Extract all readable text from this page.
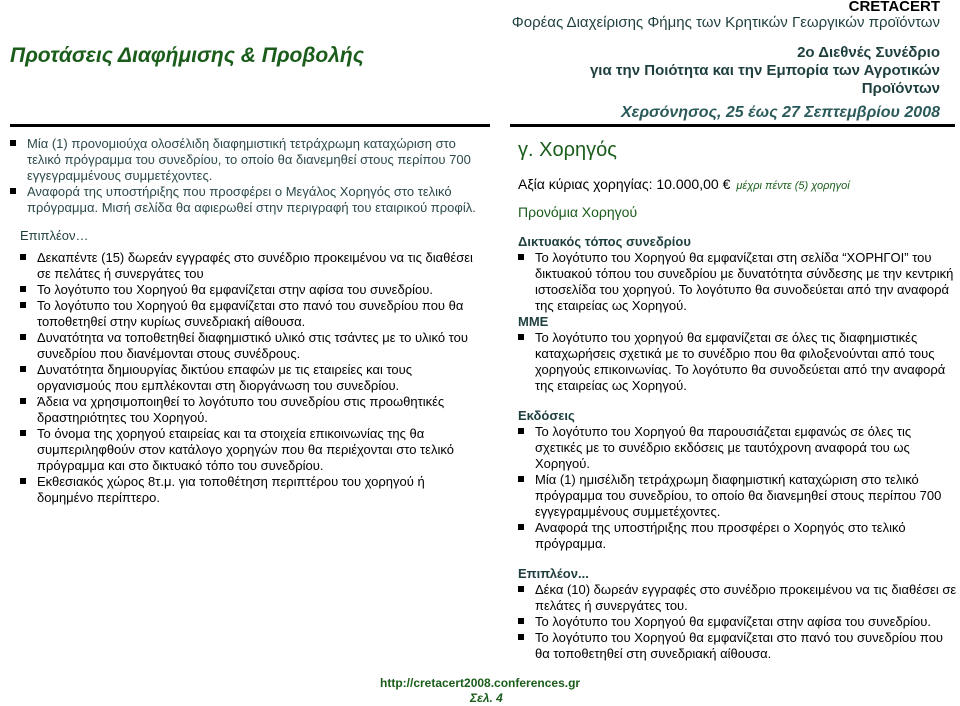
CRETACERT
Φορέας Διαχείρισης Φήμης των Κρητικών Γεωργικών προϊόντων
Προτάσεις Διαφήμισης & Προβολής	2ο Διεθνές Συνέδριο
για την Ποιότητα και την Εμπορία των Αγροτικών Προϊόντων
Χερσόνησος, 25 έως 27 Σεπτεμβρίου 2008
Μία (1) προνομιούχα ολοσέλιδη διαφημιστική τετράχρωμη καταχώριση στο τελικό πρόγραμμα του συνεδρίου, το οποίο θα διανεμηθεί στους περίπου 700 εγγεγραμμένους συμμετέχοντες.
Αναφορά της υποστήριξης που προσφέρει ο Μεγάλος Χορηγός στο τελικό πρόγραμμα. Μισή σελίδα θα αφιερωθεί στην περιγραφή του εταιρικού προφίλ.
Επιπλέον…
Δεκαπέντε (15) δωρεάν εγγραφές στο συνέδριο προκειμένου να τις διαθέσει σε πελάτες ή συνεργάτες του
Το λογότυπο του Χορηγού θα εμφανίζεται στην αφίσα του συνεδρίου.
Το λογότυπο του Χορηγού θα εμφανίζεται στο πανό του συνεδρίου που θα τοποθετηθεί στην κυρίως συνεδριακή αίθουσα.
Δυνατότητα να τοποθετηθεί διαφημιστικό υλικό στις τσάντες με το υλικό του συνεδρίου που διανέμονται στους συνέδρους.
Δυνατότητα δημιουργίας δικτύου επαφών με τις εταιρείες και τους οργανισμούς που εμπλέκονται στη διοργάνωση του συνεδρίου.
Άδεια να χρησιμοποιηθεί το λογότυπο του συνεδρίου στις προωθητικές δραστηριότητες του Χορηγού.
Το όνομα της χορηγού εταιρείας και τα στοιχεία επικοινωνίας της θα συμπεριληφθούν στον κατάλογο χορηγών που θα περιέχονται στο τελικό πρόγραμμα και στο δικτυακό τόπο του συνεδρίου.
Εκθεσιακός χώρος 8τ.μ. για τοποθέτηση περιπτέρου του χορηγού ή δομημένο περίπτερο.
γ. Χορηγός
Αξία κύριας χορηγίας: 10.000,00 € μέχρι πέντε (5) χορηγοί
Προνόμια Χορηγού
Δικτυακός τόπος συνεδρίου
Το λογότυπο του Χορηγού θα εμφανίζεται στη σελίδα “ΧΟΡΗΓΟΙ” του δικτυακού τόπου του συνεδρίου με δυνατότητα σύνδεσης με την κεντρική ιστοσελίδα του χορηγού. Το λογότυπο θα συνοδεύεται από την αναφορά της εταιρείας ως Χορηγού.
ΜΜΕ
Το λογότυπο του χορηγού θα εμφανίζεται σε όλες τις διαφημιστικές καταχωρήσεις σχετικά με το συνέδριο που θα φιλοξενούνται από τους χορηγούς επικοινωνίας. Το λογότυπο θα συνοδεύεται από την αναφορά της εταιρείας ως Χορηγού.
Εκδόσεις
Το λογότυπο του Χορηγού θα παρουσιάζεται εμφανώς σε όλες τις σχετικές με το συνέδριο εκδόσεις με ταυτόχρονη αναφορά του ως Χορηγού.
Μία (1) ημισέλιδη τετράχρωμη διαφημιστική καταχώριση στο τελικό πρόγραμμα του συνεδρίου, το οποίο θα διανεμηθεί στους περίπου 700 εγγεγραμμένους συμμετέχοντες.
Αναφορά της υποστήριξης που προσφέρει ο Χορηγός στο τελικό πρόγραμμα.
Επιπλέον...
Δέκα (10) δωρεάν εγγραφές στο συνέδριο προκειμένου να τις διαθέσει σε πελάτες ή συνεργάτες του.
Το λογότυπο του Χορηγού θα εμφανίζεται στην αφίσα του συνεδρίου.
Το λογότυπο του Χορηγού θα εμφανίζεται στο πανό του συνεδρίου που θα τοποθετηθεί στη συνεδριακή αίθουσα.
http://cretacert2008.conferences.gr
Σελ. 4
